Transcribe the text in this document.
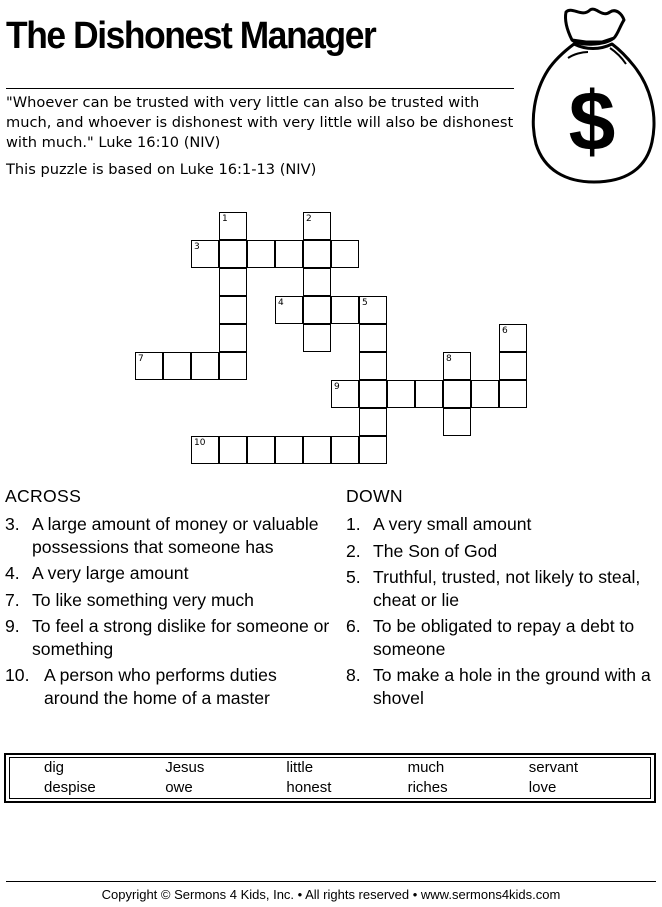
The Dishonest Manager
$

"Whoever can be trusted with very little can also be trusted with much, and whoever is dishonest with very little will also be dishonest with much." Luke 16:10 (NIV)

This puzzle is based on Luke 16:1-13 (NIV)

1	2
3
4	5
6
7	8
9
10
ACROSS
3. A large amount of money or valuable possessions that someone has
4. A very large amount
7. To like something very much
9. To feel a strong dislike for someone or something
10. A person who performs duties around the home of a master
DOWN
1. A very small amount
2. The Son of God
5. Truthful, trusted, not likely to steal, cheat or lie
6. To be obligated to repay a debt to someone
8. To make a hole in the ground with a shovel
dig	Jesus	little	much	servant
despise	owe	honest	riches	love
Copyright © Sermons 4 Kids, Inc. • All rights reserved • www.sermons4kids.com
